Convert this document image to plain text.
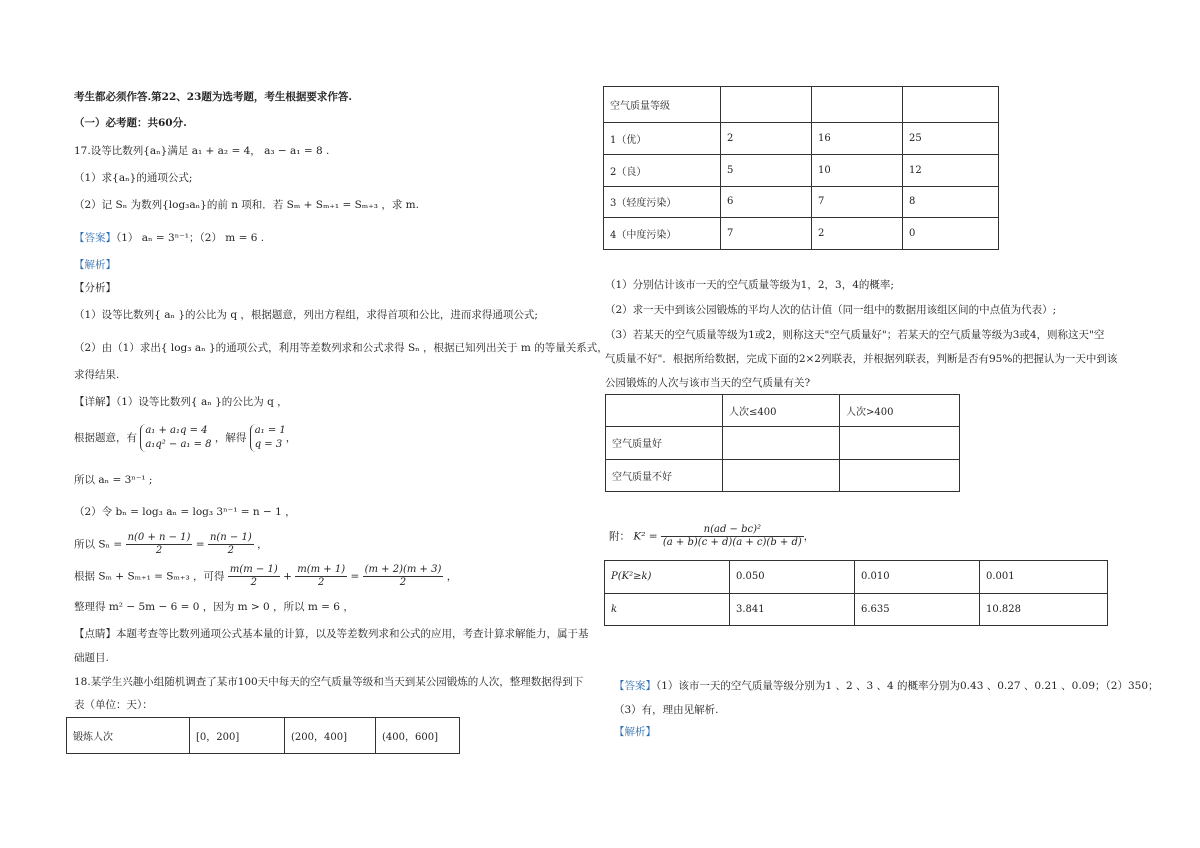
考生都必须作答.第22、23题为选考题，考生根据要求作答.
（一）必考题：共60分.
17.设等比数列{aₙ}满足 a₁ + a₂ = 4， a₃ − a₁ = 8 .
（1）求{aₙ}的通项公式;
（2）记 Sₙ 为数列{log₃aₙ}的前 n 项和．若 Sₘ + Sₘ₊₁ = Sₘ₊₃ ，求 m.
【答案】（1） aₙ = 3ⁿ⁻¹；（2） m = 6 .
【解析】
【分析】
（1）设等比数列{ aₙ }的公比为 q ，根据题意，列出方程组，求得首项和公比，进而求得通项公式;
（2）由（1）求出{ log₃ aₙ }的通项公式，利用等差数列求和公式求得 Sₙ ，根据已知列出关于 m 的等量关系式，
求得结果.
【详解】（1）设等比数列{ aₙ }的公比为 q ，
根据题意，有
a₁ + a₁q = 4
a₁q² − a₁ = 8
，解得
a₁ = 1
q = 3
，
所以 aₙ = 3ⁿ⁻¹ ;
（2）令 bₙ = log₃ aₙ = log₃ 3ⁿ⁻¹ = n − 1 ，
所以 $S_n = \frac{n(0 + n - 1)}{2} = \frac{n(n - 1)}{2}$ ，
根据 Sₘ + Sₘ₊₁ = Sₘ₊₃ ，可得 $\frac{m(m - 1)}{2} + \frac{m(m + 1)}{2} = \frac{(m + 2)(m + 3)}{2}$ ，
整理得 m² − 5m − 6 = 0 ，因为 m > 0 ，所以 m = 6 ，
【点睛】本题考查等比数列通项公式基本量的计算，以及等差数列求和公式的应用，考查计算求解能力，属于基
础题目.
18.某学生兴趣小组随机调查了某市100天中每天的空气质量等级和当天到某公园锻炼的人次，整理数据得到下
表（单位：天）：
锻炼人次	[0，200]	(200，400]	(400，600]
空气质量等级			
1（优）	2	16	25
2（良）	5	10	12
3（轻度污染）	6	7	8
4（中度污染）	7	2	0
（1）分别估计该市一天的空气质量等级为1，2，3，4的概率;
（2）求一天中到该公园锻炼的平均人次的估计值（同一组中的数据用该组区间的中点值为代表）;
（3）若某天的空气质量等级为1或2，则称这天"空气质量好"；若某天的空气质量等级为3或4，则称这天"空
气质量不好"．根据所给数据，完成下面的2×2列联表，并根据列联表，判断是否有95%的把握认为一天中到该
公园锻炼的人次与该市当天的空气质量有关?
	人次≤400	人次>400
空气质量好		
空气质量不好		
附： $K^2 = \frac{\text{n(ad − bc)²}}{(a + b)(c + d)(a + c)(b + d)}$ ，
P(K²≥k)	0.050	0.010	0.001
k	3.841	6.635	10.828
【答案】（1）该市一天的空气质量等级分别为1 、2 、3 、4 的概率分别为0.43 、0.27 、0.21 、0.09；（2）350；
（3）有，理由见解析.
【解析】
